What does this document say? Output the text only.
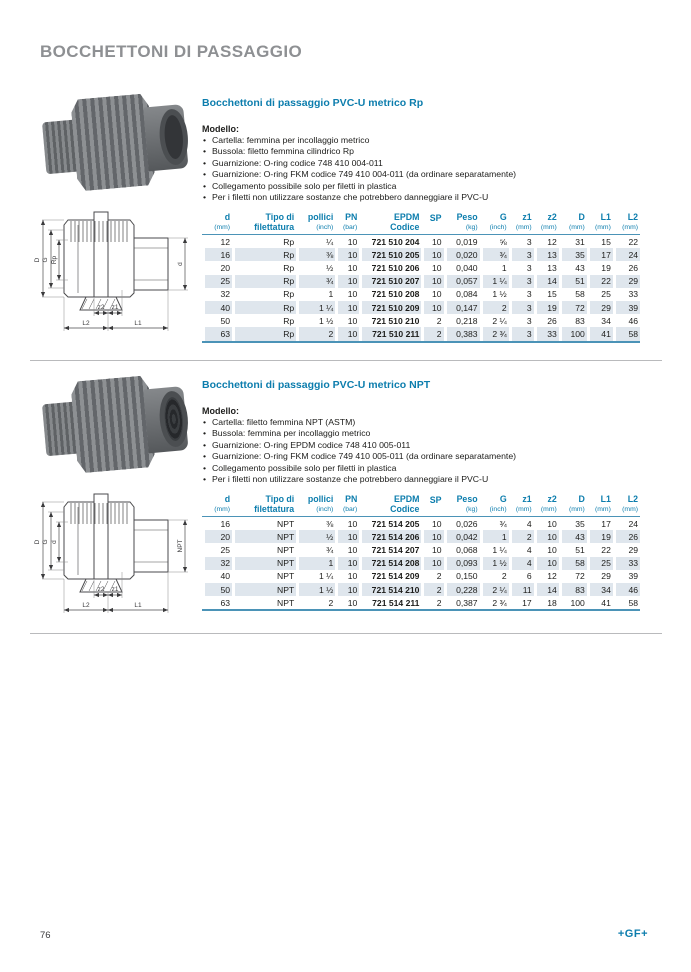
BOCCHETTONI DI PASSAGGIO
D G Rp	d
z2 z1
L2	L1
Bocchettoni di passaggio PVC-U metrico Rp
Modello:
• Cartella: femmina per incollaggio metrico
• Bussola: filetto femmina cilindrico Rp
• Guarnizione: O-ring codice 748 410 004-011
• Guarnizione: O-ring FKM codice 749 410 004-011 (da ordinare separatamente)
• Collegamento possibile solo per filetti in plastica
• Per i filetti non utilizzare sostanze che potrebbero danneggiare il PVC-U
d
(mm)

Tipo di
filettatura

pollici
(inch)

PN
(bar)

EPDM
Codice

SP	Peso
(kg)

G
(inch)

z1
(mm)

z2
(mm)

D
(mm)

L1
(mm)

L2
(mm)

12	Rp	¼	10	721 510 204	10	0,019	⅝	3	12	31	15	22
16	Rp	⅜	10	721 510 205	10	0,020	¾	3	13	35	17	24
20	Rp	½	10	721 510 206	10	0,040	1	3	13	43	19	26
25	Rp	¾	10	721 510 207	10	0,057	1 ¼	3	14	51	22	29
32	Rp	1	10	721 510 208	10	0,084	1 ½	3	15	58	25	33
40	Rp	1 ¼	10	721 510 209	10	0,147	2	3	19	72	29	39
50	Rp	1 ½	10	721 510 210	2	0,218	2 ¼	3	26	83	34	46
63	Rp	2	10	721 510 211	2	0,383	2 ¾	3	33	100	41	58
D G d	NPT
z2 z1
L2	L1
Bocchettoni di passaggio PVC-U metrico NPT
Modello:
• Cartella: filetto femmina NPT (ASTM)
• Bussola: femmina per incollaggio metrico
• Guarnizione: O-ring EPDM codice 748 410 005-011
• Guarnizione: O-ring FKM codice 749 410 005-011 (da ordinare separatamente)
• Collegamento possibile solo per filetti in plastica
• Per i filetti non utilizzare sostanze che potrebbero danneggiare il PVC-U
d
(mm)

Tipo di
filettatura

pollici
(inch)

PN
(bar)

EPDM
Codice

SP	Peso
(kg)

G
(inch)

z1
(mm)

z2
(mm)

D
(mm)

L1
(mm)

L2
(mm)

16	NPT	⅜	10	721 514 205	10	0,026	¾	4	10	35	17	24
20	NPT	½	10	721 514 206	10	0,042	1	2	10	43	19	26
25	NPT	¾	10	721 514 207	10	0,068	1 ¼	4	10	51	22	29
32	NPT	1	10	721 514 208	10	0,093	1 ½	4	10	58	25	33
40	NPT	1 ¼	10	721 514 209	2	0,150	2	6	12	72	29	39
50	NPT	1 ½	10	721 514 210	2	0,228	2 ¼	11	14	83	34	46
63	NPT	2	10	721 514 211	2	0,387	2 ¾	17	18	100	41	58
76	+GF+
